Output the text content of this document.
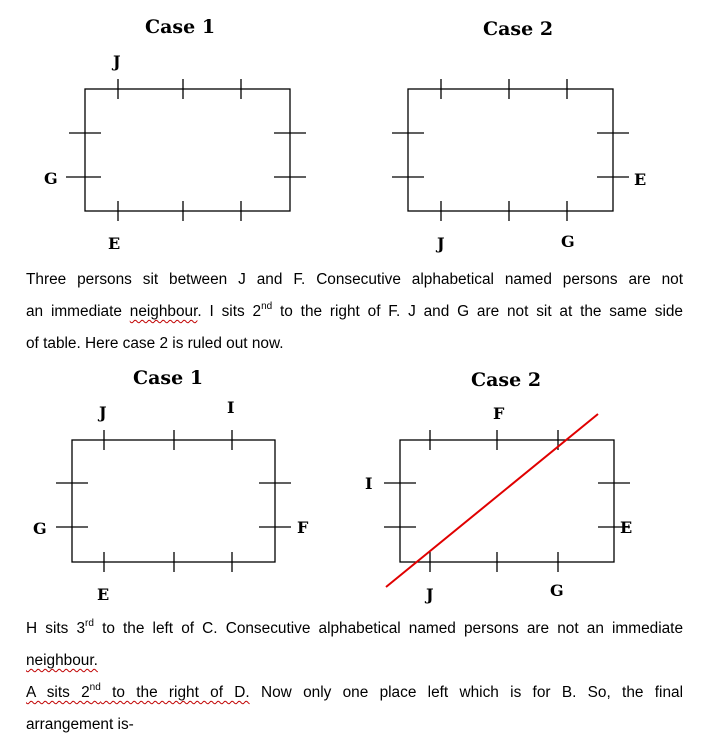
Case 1	Case 2
J
G
E
E
J	G
Three persons sit between J and F. Consecutive alphabetical named persons are not
an immediate neighbour. I sits 2nd to the right of F. J and G are not sit at the same side
of table. Here case 2 is ruled out now.
Case 1	Case 2
J	I
G	F
E
F
I
E
J	G
H sits 3rd to the left of C. Consecutive alphabetical named persons are not an immediate
neighbour.
A sits 2nd to the right of D. Now only one place left which is for B. So, the final
arrangement is-
